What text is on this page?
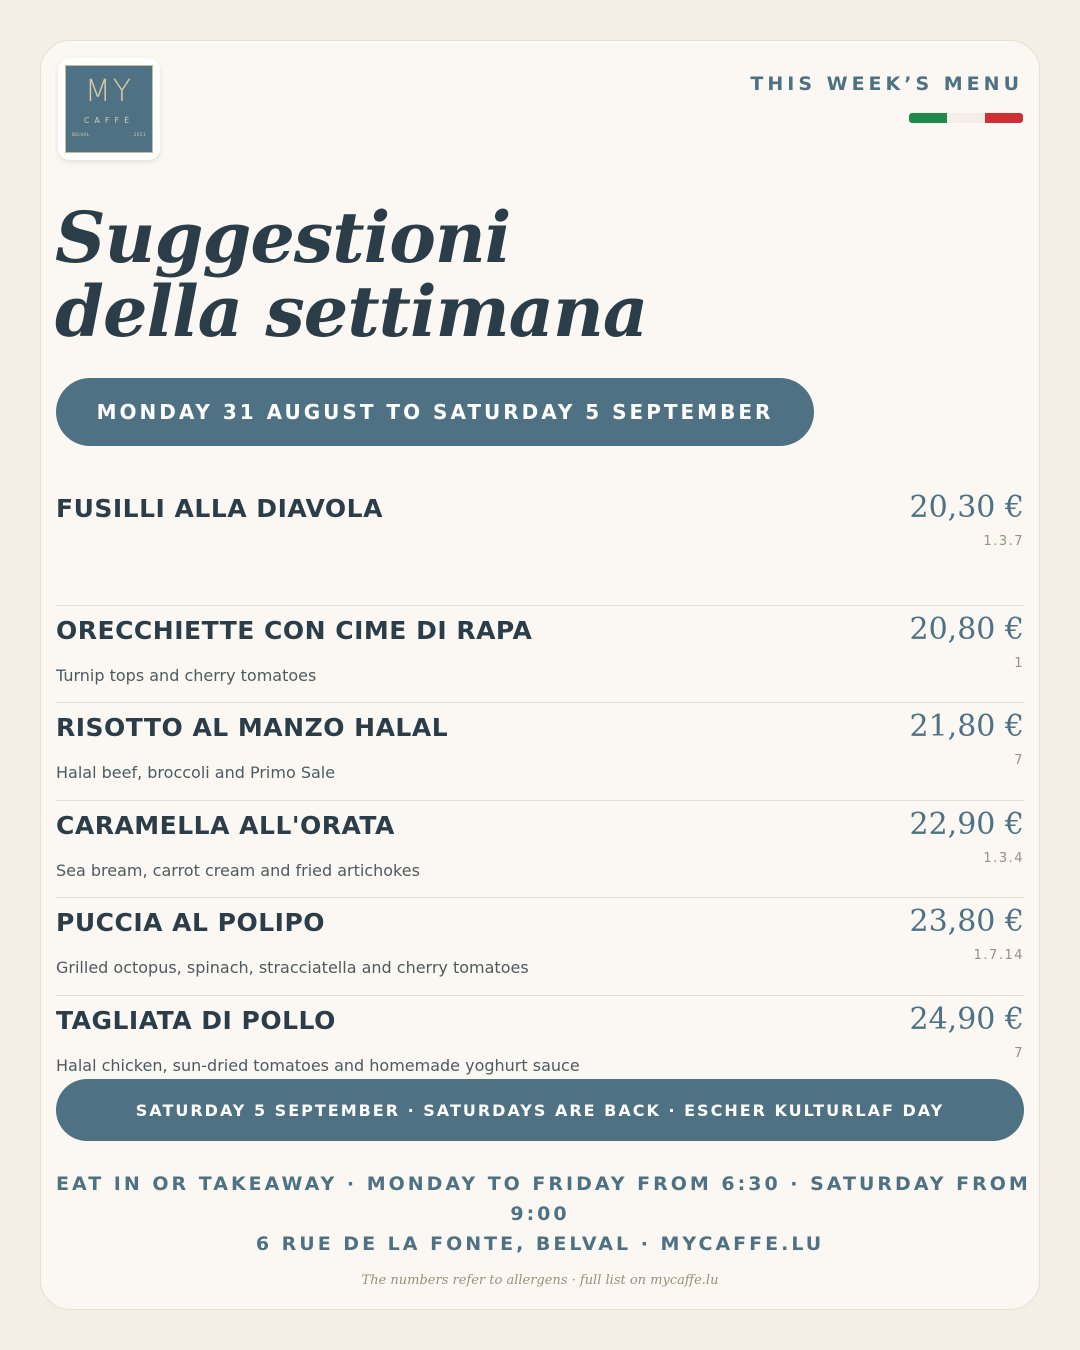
MY
CAFFÈ
BELVAL	2023
THIS WEEK’S MENU
Suggestioni
della settimana
MONDAY 31 AUGUST TO SATURDAY 5 SEPTEMBER
FUSILLI ALLA DIAVOLA	20,30 €
1.3.7
ORECCHIETTE CON CIME DI RAPA
Turnip tops and cherry tomatoes
20,80 €
1
RISOTTO AL MANZO HALAL
Halal beef, broccoli and Primo Sale
21,80 €
7
CARAMELLA ALL'ORATA
Sea bream, carrot cream and fried artichokes
22,90 €
1.3.4
PUCCIA AL POLIPO
Grilled octopus, spinach, stracciatella and cherry tomatoes
23,80 €
1.7.14
TAGLIATA DI POLLO
Halal chicken, sun-dried tomatoes and homemade yoghurt sauce
24,90 €
7
SATURDAY 5 SEPTEMBER · SATURDAYS ARE BACK · ESCHER KULTURLAF DAY
EAT IN OR TAKEAWAY · MONDAY TO FRIDAY FROM 6:30 · SATURDAY FROM
9:00
6 RUE DE LA FONTE, BELVAL · MYCAFFE.LU
The numbers refer to allergens · full list on mycaffe.lu
